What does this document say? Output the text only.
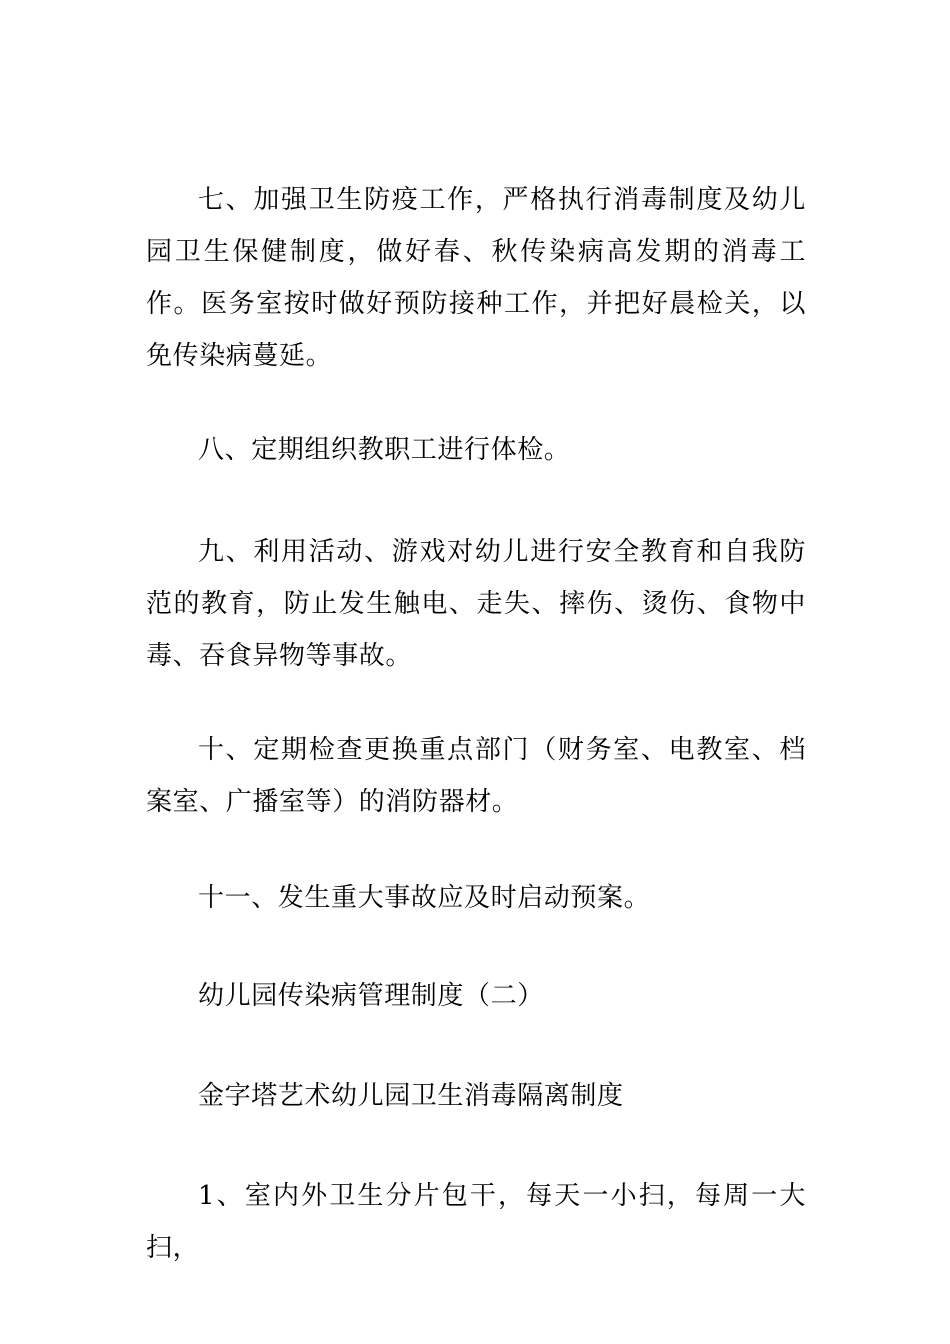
七、加强卫生防疫工作，严格执行消毒制度及幼儿园卫生保健制度，做好春、秋传染病高发期的消毒工作。医务室按时做好预防接种工作，并把好晨检关，以免传染病蔓延。

八、定期组织教职工进行体检。

九、利用活动、游戏对幼儿进行安全教育和自我防范的教育，防止发生触电、走失、摔伤、烫伤、食物中毒、吞食异物等事故。

十、定期检查更换重点部门（财务室、电教室、档案室、广播室等）的消防器材。

十一、发生重大事故应及时启动预案。

幼儿园传染病管理制度（二）

金字塔艺术幼儿园卫生消毒隔离制度

1、室内外卫生分片包干，每天一小扫，每周一大扫，
